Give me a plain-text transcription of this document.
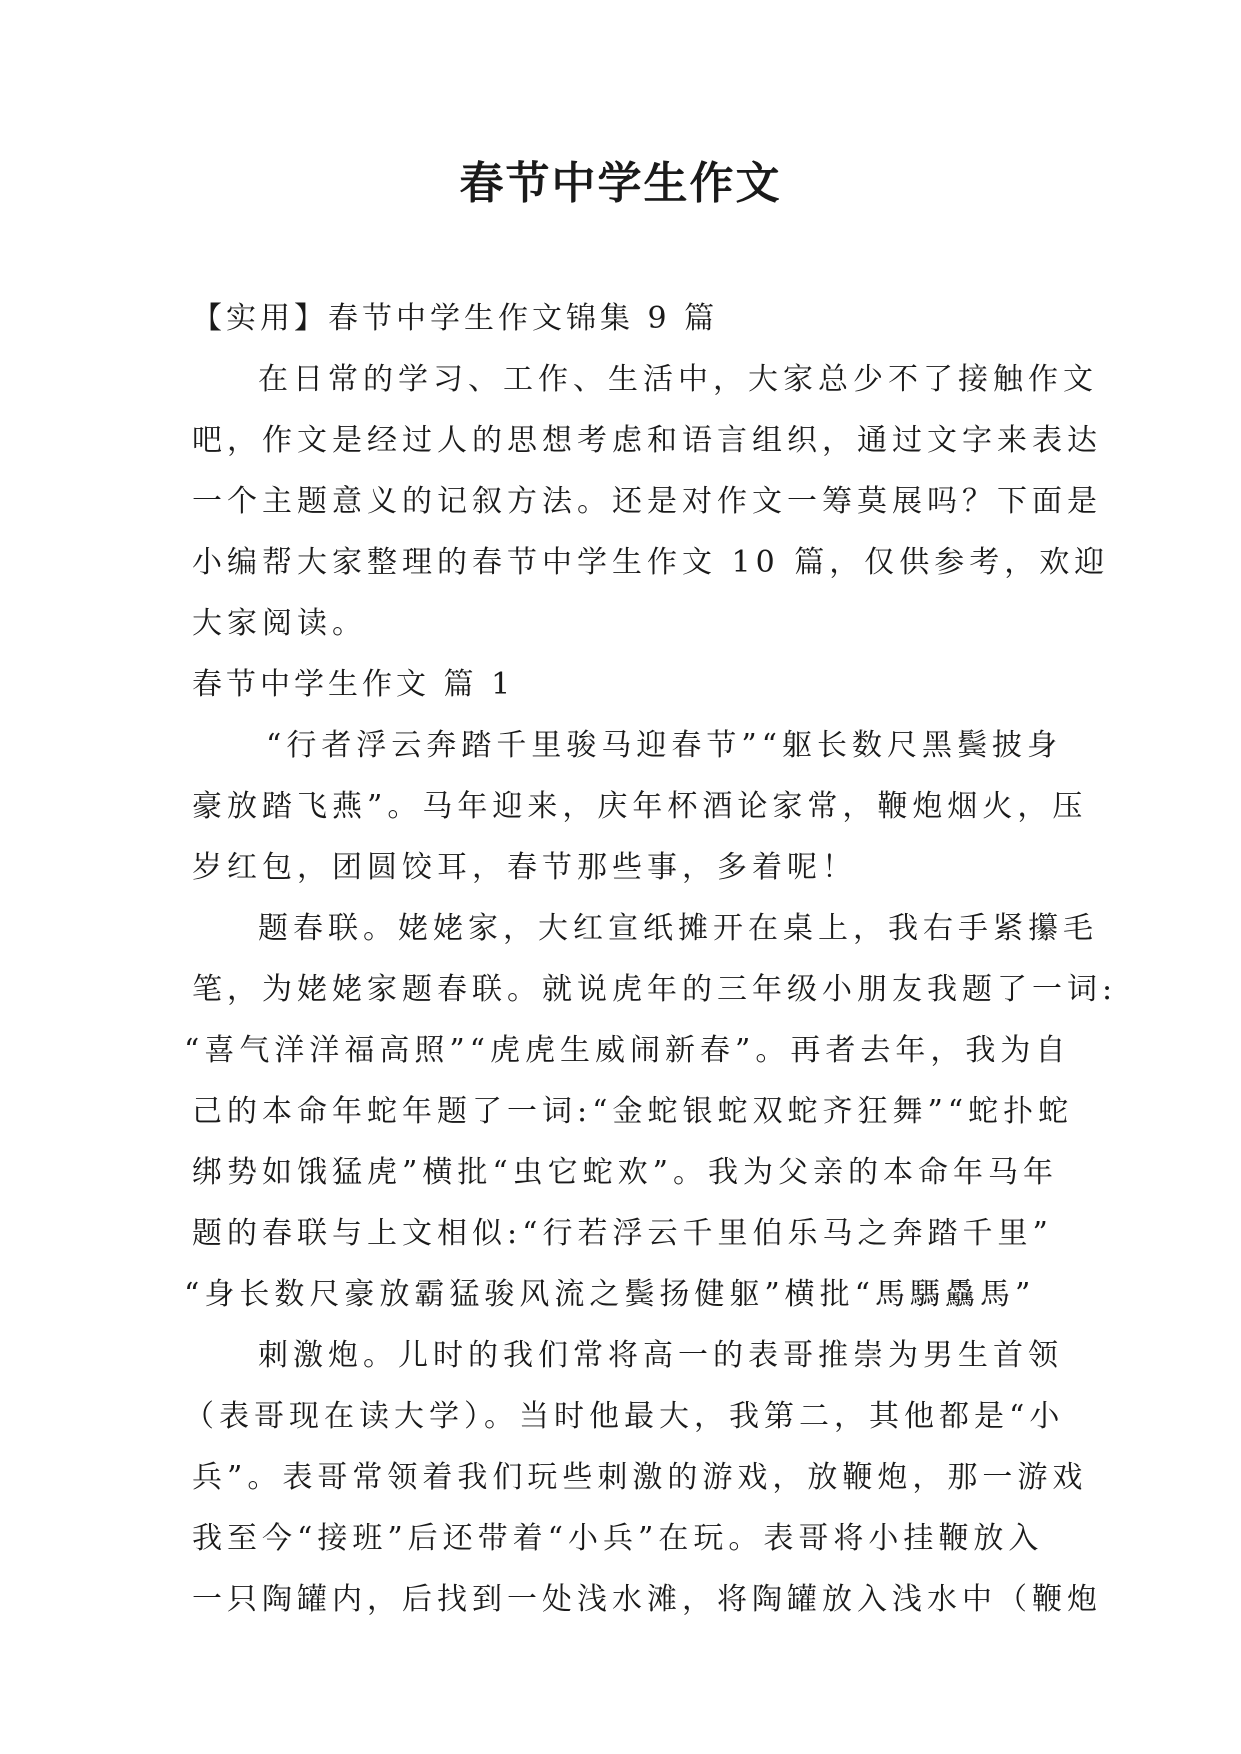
春节中学生作文

【实用】春节中学生作文锦集 9 篇

在日常的学习、工作、生活中，大家总少不了接触作文

吧，作文是经过人的思想考虑和语言组织，通过文字来表达

一个主题意义的记叙方法。还是对作文一筹莫展吗？下面是

小编帮大家整理的春节中学生作文 10 篇，仅供参考，欢迎

大家阅读。

春节中学生作文 篇 1

“行者浮云奔踏千里骏马迎春节”“躯长数尺黑鬓披身

豪放踏飞燕”。马年迎来，庆年杯酒论家常，鞭炮烟火，压

岁红包，团圆饺耳，春节那些事，多着呢！

题春联。姥姥家，大红宣纸摊开在桌上，我右手紧攥毛

笔，为姥姥家题春联。就说虎年的三年级小朋友我题了一词:

“喜气洋洋福高照”“虎虎生威闹新春”。再者去年，我为自

己的本命年蛇年题了一词:“金蛇银蛇双蛇齐狂舞”“蛇扑蛇

绑势如饿猛虎”横批“虫它蛇欢”。我为父亲的本命年马年

题的春联与上文相似:“行若浮云千里伯乐马之奔踏千里”

“身长数尺豪放霸猛骏风流之鬓扬健躯”横批“馬騳驫馬”

刺激炮。儿时的我们常将高一的表哥推崇为男生首领

（表哥现在读大学）。当时他最大，我第二，其他都是“小

兵”。表哥常领着我们玩些刺激的游戏，放鞭炮，那一游戏

我至今“接班”后还带着“小兵”在玩。表哥将小挂鞭放入

一只陶罐内，后找到一处浅水滩，将陶罐放入浅水中（鞭炮
